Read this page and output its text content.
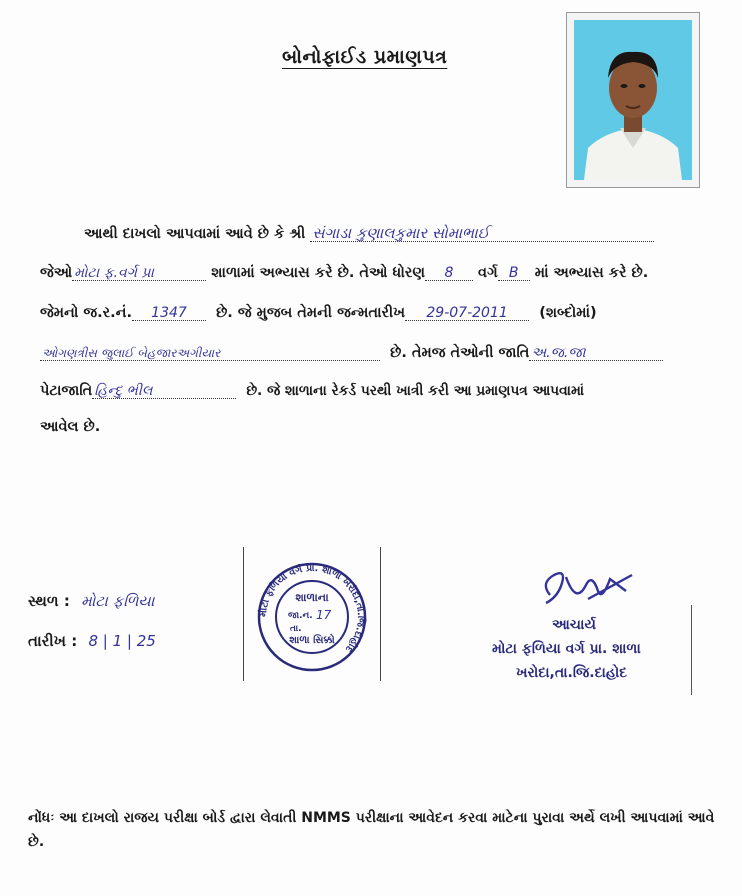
બોનોફાઈડ પ્રમાણપત્ર
આથી દાખલો આપવામાં આવે છે કે શ્રી
સંગાડા કુણાલકુમાર સોમાભાઈ
જેઓ મોટા ફ.વર્ગ પ્રા
	શાળામાં અભ્યાસ કરે છે. તેઓ ધોરણ	8
	વર્ગ B
	માં અભ્યાસ કરે છે.
જેમનો જ.ર.નં.	1347
	છે. જે મુજબ તેમની જન્મતારીખ	29-07-2011
	(શબ્દોમાં)
ઓગણત્રીસ જુલાઈ બેહજારઅગીયાર
	છે. તેમજ તેઓની જાતિ અ.જ.જા
પેટાજાતિ હિન્દુ ભીલ
	છે. જે શાળાના રેકર્ડ પરથી ખાત્રી કરી આ પ્રમાણપત્ર આપવામાં
આવેલ છે.
સ્થળ : મોટા ફળિયા
તારીખ : 8 | 1 | 25
મોટા ફળિયા વર્ગ પ્રા. શાળા ખરોદા,તા.જિ.દાહોદ
શાળાના
જા.ન. 17
તા.
શાળા સિક્કો
આચાર્ય
મોટા ફળિયા વર્ગ પ્રા. શાળા
ખરોદા,તા.જિ.દાહોદ
નોંધઃ આ દાખલો રાજય પરીક્ષા બોર્ડ દ્વારા લેવાતી NMMS પરીક્ષાના આવેદન કરવા માટેના પુરાવા અર્થે લખી આપવામાં આવે છે.
